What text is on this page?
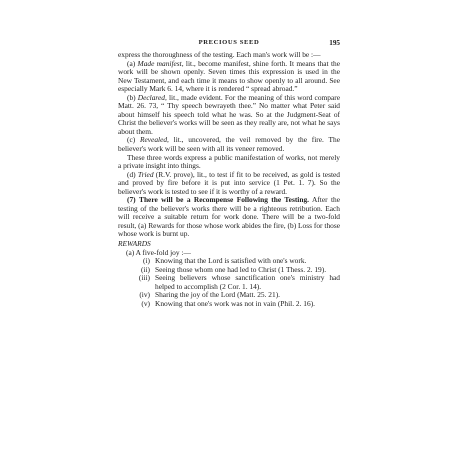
PRECIOUS SEED	195

express the thoroughness of the testing. Each man's work will be :—

(a) Made manifest, lit., become manifest, shine forth. It means that the work will be shown openly. Seven times this expression is used in the New Testament, and each time it means to show openly to all around. See especially Mark 6. 14, where it is rendered “ spread abroad.”

(b) Declared, lit., made evident. For the meaning of this word compare Matt. 26. 73, “ Thy speech bewrayeth thee.” No matter what Peter said about himself his speech told what he was. So at the Judgment-Seat of Christ the believer's works will be seen as they really are, not what he says about them.

(c) Revealed, lit., uncovered, the veil removed by the fire. The believer's work will be seen with all its veneer removed.

These three words express a public manifestation of works, not merely a private insight into things.

(d) Tried (R.V. prove), lit., to test if fit to be received, as gold is tested and proved by fire before it is put into service (1 Pet. 1. 7). So the believer's work is tested to see if it is worthy of a reward.

(7) There will be a Recompense Following the Testing. After the testing of the believer's works there will be a righteous retribution. Each will receive a suitable return for work done. There will be a two-fold result, (a) Rewards for those whose work abides the fire, (b) Loss for those whose work is burnt up.

REWARDS

(a) A five-fold joy :—

(i) Knowing that the Lord is satisfied with one's work.
(ii) Seeing those whom one had led to Christ (1 Thess. 2. 19).
(iii) Seeing believers whose sanctification one's ministry had helped to accomplish (2 Cor. 1. 14).
(iv) Sharing the joy of the Lord (Matt. 25. 21).
(v) Knowing that one's work was not in vain (Phil. 2. 16).
